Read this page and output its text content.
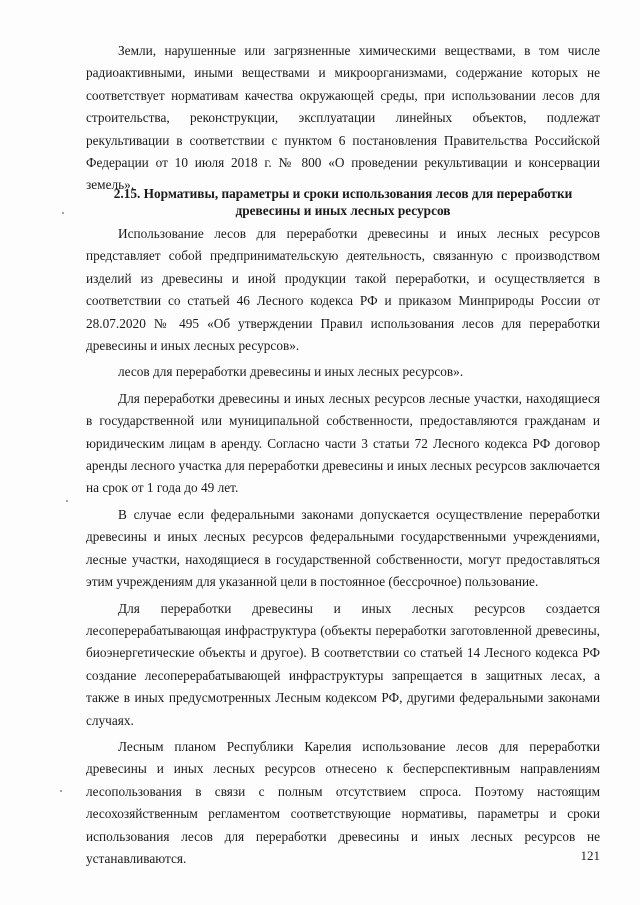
Земли, нарушенные или загрязненные химическими веществами, в том числе радиоактивными, иными веществами и микроорганизмами, содержание которых не соответствует нормативам качества окружающей среды, при использовании лесов для строительства, реконструкции, эксплуатации линейных объектов, подлежат рекультивации в соответствии с пунктом 6 постановления Правительства Российской Федерации от 10 июля 2018 г. № 800 «О проведении рекультивации и консервации земель».

2.15. Нормативы, параметры и сроки использования лесов для переработки древесины и иных лесных ресурсов

Использование лесов для переработки древесины и иных лесных ресурсов представляет собой предпринимательскую деятельность, связанную с производством изделий из древесины и иной продукции такой переработки, и осуществляется в соответствии со статьей 46 Лесного кодекса РФ и приказом Минприроды России от 28.07.2020 № 495 «Об утверждении Правил использования лесов для переработки древесины и иных лесных ресурсов».

лесов для переработки древесины и иных лесных ресурсов».

Для переработки древесины и иных лесных ресурсов лесные участки, находящиеся в государственной или муниципальной собственности, предоставляются гражданам и юридическим лицам в аренду. Согласно части 3 статьи 72 Лесного кодекса РФ договор аренды лесного участка для переработки древесины и иных лесных ресурсов заключается на срок от 1 года до 49 лет.

В случае если федеральными законами допускается осуществление переработки древесины и иных лесных ресурсов федеральными государственными учреждениями, лесные участки, находящиеся в государственной собственности, могут предоставляться этим учреждениям для указанной цели в постоянное (бессрочное) пользование.

Для переработки древесины и иных лесных ресурсов создается лесоперерабатывающая инфраструктура (объекты переработки заготовленной древесины, биоэнергетические объекты и другое). В соответствии со статьей 14 Лесного кодекса РФ создание лесоперерабатывающей инфраструктуры запрещается в защитных лесах, а также в иных предусмотренных Лесным кодексом РФ, другими федеральными законами случаях.

Лесным планом Республики Карелия использование лесов для переработки древесины и иных лесных ресурсов отнесено к бесперспективным направлениям лесопользования в связи с полным отсутствием спроса. Поэтому настоящим лесохозяйственным регламентом соответствующие нормативы, параметры и сроки использования лесов для переработки древесины и иных лесных ресурсов не устанавливаются.	121
